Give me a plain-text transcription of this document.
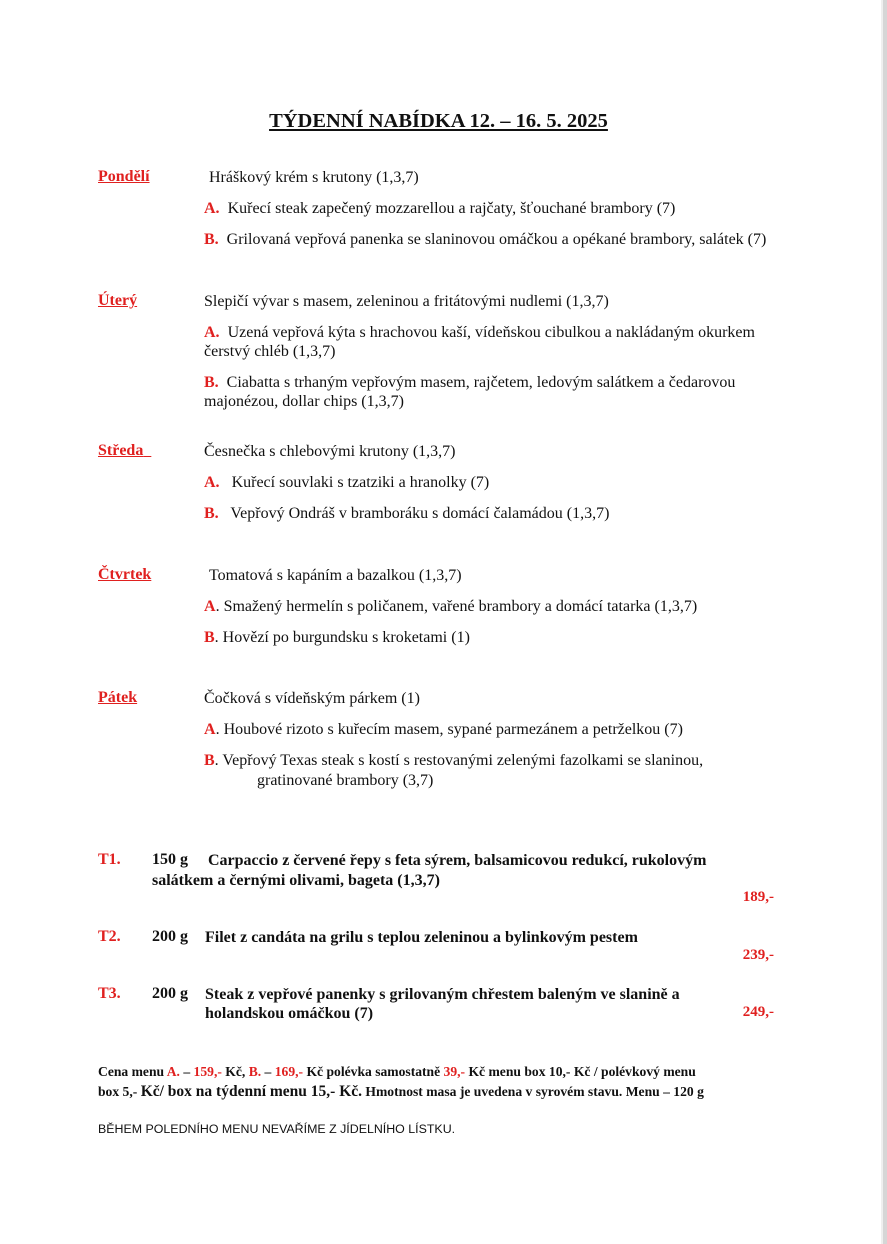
TÝDENNÍ NABÍDKA 12. – 16. 5. 2025
Pondělí	Hráškový krém s krutony (1,3,7)
A. Kuřecí steak zapečený mozzarellou a rajčaty, šťouchané brambory (7)
B. Grilovaná vepřová panenka se slaninovou omáčkou a opékané brambory, salátek (7)
Úterý	Slepičí vývar s masem, zeleninou a fritátovými nudlemi (1,3,7)
A. Uzená vepřová kýta s hrachovou kaší, vídeňskou cibulkou a nakládaným okurkem
čerstvý chléb (1,3,7)
B. Ciabatta s trhaným vepřovým masem, rajčetem, ledovým salátkem a čedarovou
majonézou, dollar chips (1,3,7)
Středa	Česnečka s chlebovými krutony (1,3,7)
A. Kuřecí souvlaki s tzatziki a hranolky (7)
B. Vepřový Ondráš v bramboráku s domácí čalamádou (1,3,7)
Čtvrtek	Tomatová s kapáním a bazalkou (1,3,7)
A. Smažený hermelín s poličanem, vařené brambory a domácí tatarka (1,3,7)
B. Hovězí po burgundsku s kroketami (1)
Pátek	Čočková s vídeňským párkem (1)
A. Houbové rizoto s kuřecím masem, sypané parmezánem a petrželkou (7)
B. Vepřový Texas steak s kostí s restovanými zelenými fazolkami se slaninou,
gratinované brambory (3,7)
T1. 150 g Carpaccio z červené řepy s feta sýrem, balsamicovou redukcí, rukolovým
salátkem a černými olivami, bageta (1,3,7)
189,-
T2. 200 g Filet z candáta na grilu s teplou zeleninou a bylinkovým pestem
239,-
T3. 200 g Steak z vepřové panenky s grilovaným chřestem baleným ve slanině a
holandskou omáčkou (7)	249,-
Cena menu A. – 159,- Kč, B. – 169,- Kč polévka samostatně 39,- Kč menu box 10,- Kč / polévkový menu
box 5,- Kč/ box na týdenní menu 15,- Kč. Hmotnost masa je uvedena v syrovém stavu. Menu – 120 g
BĚHEM POLEDNÍHO MENU NEVAŘÍME Z JÍDELNÍHO LÍSTKU.
